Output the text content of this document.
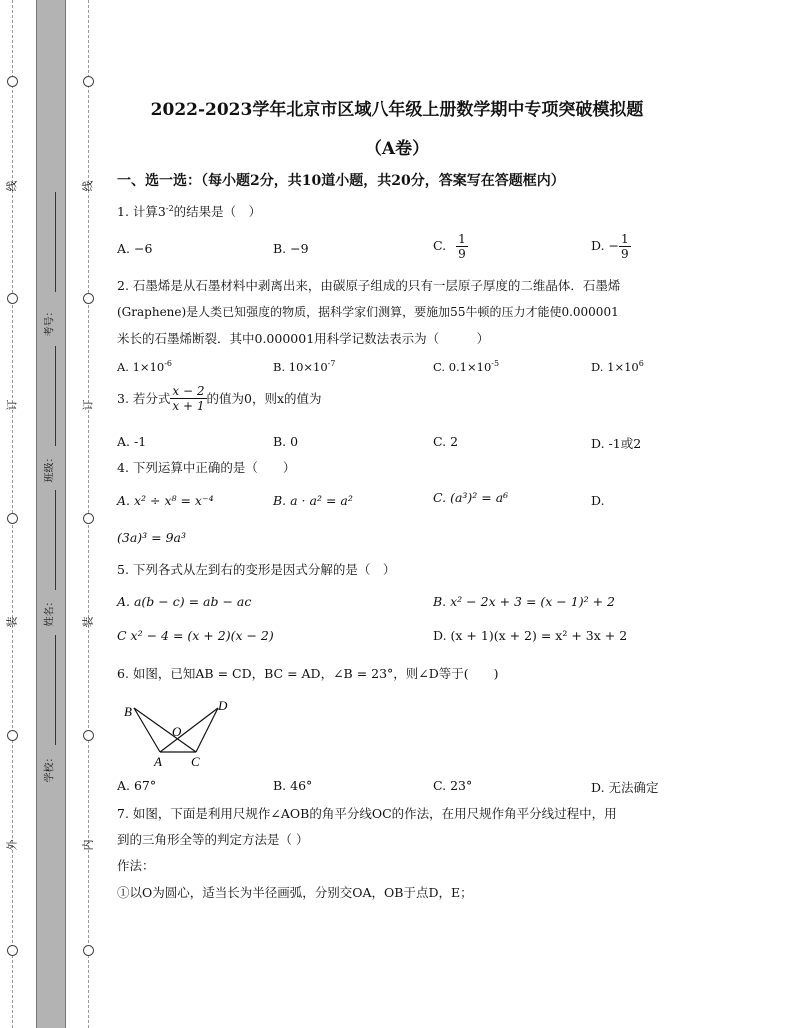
线
订
装
外
线
订
装
内
考号：
班级：
姓名：
学校：
2022-2023学年北京市区域八年级上册数学期中专项突破模拟题
（A卷）
一、选一选：（每小题2分，共10道小题，共20分，答案写在答题框内）
1. 计算$3^{-2}$的结果是（　）
A. −6	B. −9	C. $\frac{1}{9}$	D. − $\frac{1}{9}$
2. 石墨烯是从石墨材料中剥离出来，由碳原子组成的只有一层原子厚度的二维晶体．石墨烯
(Graphene)是人类已知强度的物质，据科学家们测算，要施加55牛顿的压力才能使0.000001
米长的石墨烯断裂．其中0.000001用科学记数法表示为（　　　）
A. $1\times 10^{-6}$	B. $10\times 10^{-7}$	C. $0.1\times 10^{-5}$	D. $1\times 10^6$
3. 若分式 $\frac{x - 2}{x + 1}$ 的值为0，则x的值为
A. -1	B. 0	C. 2	D. -1或2
4. 下列运算中正确的是（　　）
A. x² ÷ x⁸ = x⁻⁴	B. a · a² = a²	C. (a³)² = a⁶	D.
(3a)³ = 9a³
5. 下列各式从左到右的变形是因式分解的是（　）
A. a(b − c) = ab − ac	B. x² − 2x + 3 = (x − 1)² + 2
C x² − 4 = (x + 2)(x − 2)	D. (x + 1)(x + 2) = x² + 3x + 2
6. 如图，已知AB = CD，BC = AD，∠B = 23°，则∠D等于(　　)
B	D
O
A C
A. 67°	B. 46°	C. 23°	D. 无法确定
7. 如图，下面是利用尺规作∠AOB的角平分线OC的作法，在用尺规作角平分线过程中，用
到的三角形全等的判定方法是（ ）
作法：
①以O为圆心，适当长为半径画弧，分别交OA，OB于点D，E；
